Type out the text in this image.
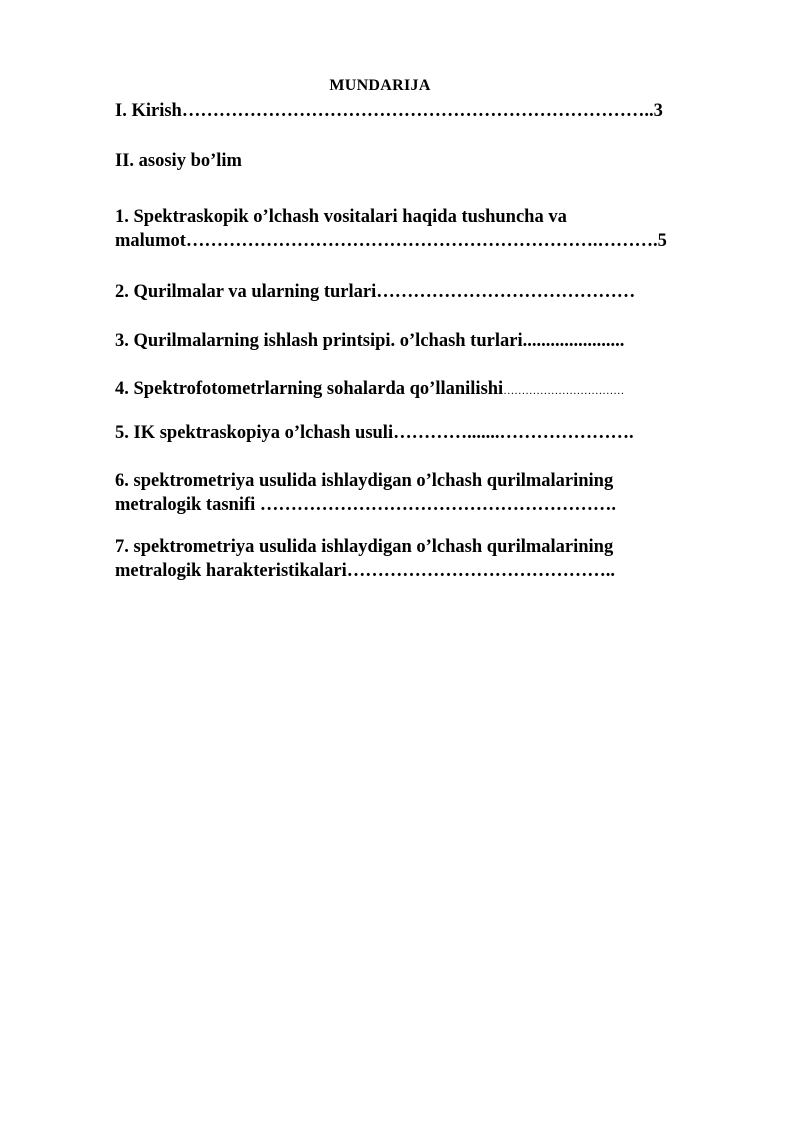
MUNDARIJA
I. Kirish…………………………………………………………………..3
II. asosiy bo’lim
1. Spektraskopik o’lchash vositalari haqida tushuncha va
malumot………………………………………………………….……….5
2. Qurilmalar va ularning turlari……………………………………
3. Qurilmalarning ishlash printsipi. o’lchash turlari......................
4. Spektrofotometrlarning sohalarda qo’llanilishi……………………………
5. IK spektraskopiya o’lchash usuli………….......………………….
6. spektrometriya usulida ishlaydigan o’lchash qurilmalarining
metralogik tasnifi ………………………………………………….
7. spektrometriya usulida ishlaydigan o’lchash qurilmalarining
metralogik harakteristikalari……………………………………..
